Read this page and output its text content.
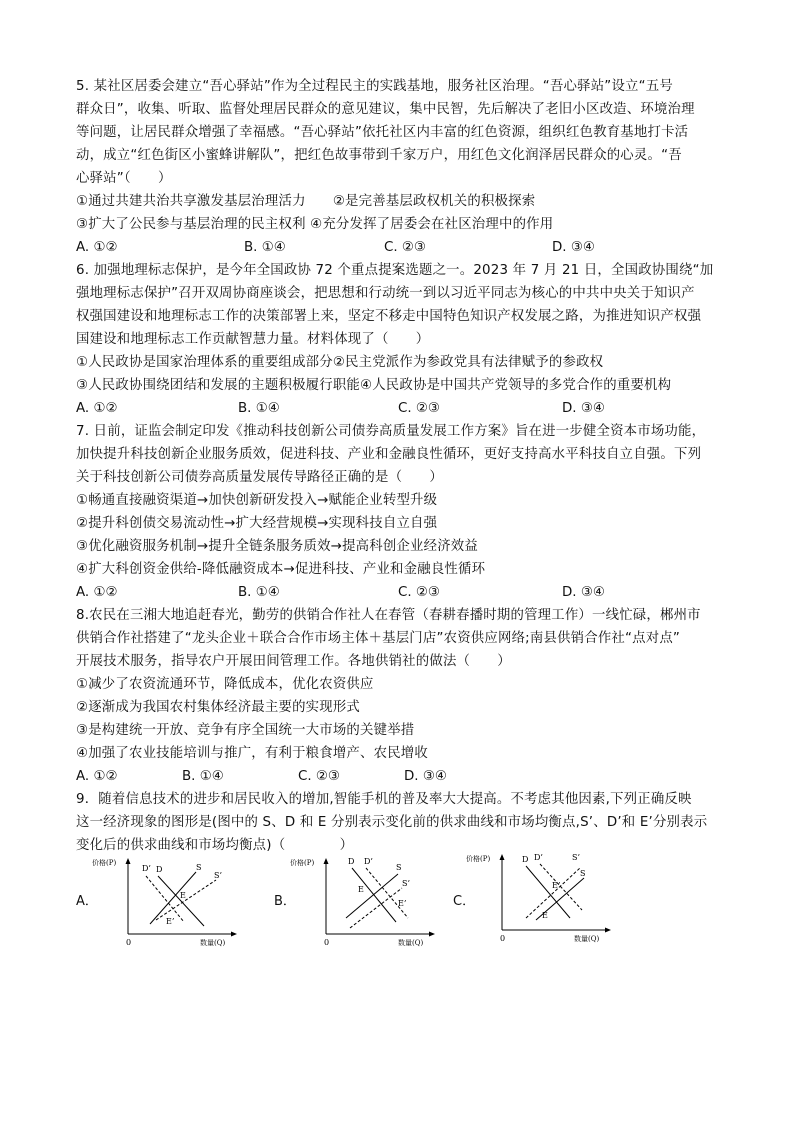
5. 某社区居委会建立“吾心驿站”作为全过程民主的实践基地，服务社区治理。“吾心驿站”设立“五号
群众日”，收集、听取、监督处理居民群众的意见建议，集中民智，先后解决了老旧小区改造、环境治理
等问题，让居民群众增强了幸福感。“吾心驿站”依托社区内丰富的红色资源，组织红色教育基地打卡活
动，成立“红色街区小蜜蜂讲解队”，把红色故事带到千家万户，用红色文化润泽居民群众的心灵。“吾
心驿站”（　　）
①通过共建共治共享激发基层治理活力　　②是完善基层政权机关的积极探索
③扩大了公民参与基层治理的民主权利 ④充分发挥了居委会在社区治理中的作用
A. ①②	B. ①④	C. ②③	D. ③④
6. 加强地理标志保护，是今年全国政协 72 个重点提案选题之一。2023 年 7 月 21 日，全国政协围绕“加
强地理标志保护”召开双周协商座谈会，把思想和行动统一到以习近平同志为核心的中共中央关于知识产
权强国建设和地理标志工作的决策部署上来，坚定不移走中国特色知识产权发展之路，为推进知识产权强
国建设和地理标志工作贡献智慧力量。材料体现了（　　）
①人民政协是国家治理体系的重要组成部分②民主党派作为参政党具有法律赋予的参政权
③人民政协围绕团结和发展的主题积极履行职能④人民政协是中国共产党领导的多党合作的重要机构
A. ①②	B. ①④	C. ②③	D. ③④
7. 日前，证监会制定印发《推动科技创新公司债券高质量发展工作方案》旨在进一步健全资本市场功能，
加快提升科技创新企业服务质效，促进科技、产业和金融良性循环，更好支持高水平科技自立自强。下列
关于科技创新公司债券高质量发展传导路径正确的是（　　）
①畅通直接融资渠道→加快创新研发投入→赋能企业转型升级
②提升科创债交易流动性→扩大经营规模→实现科技自立自强
③优化融资服务机制→提升全链条服务质效→提高科创企业经济效益
④扩大科创资金供给-降低融资成本→促进科技、产业和金融良性循环
A. ①②	B. ①④	C. ②③	D. ③④
8.农民在三湘大地追赶春光，勤劳的供销合作社人在春管（春耕春播时期的管理工作）一线忙碌，郴州市
供销合作社搭建了“龙头企业＋联合合作市场主体＋基层门店”农资供应网络;南县供销合作社“点对点”
开展技术服务，指导农户开展田间管理工作。各地供销社的做法（　　）
①减少了农资流通环节，降低成本，优化农资供应
②逐渐成为我国农村集体经济最主要的实现形式
③是构建统一开放、竞争有序全国统一大市场的关键举措
④加强了农业技能培训与推广，有利于粮食增产、农民增收
A. ①②	B. ①④	C. ②③	D. ③④
9．随着信息技术的进步和居民收入的增加,智能手机的普及率大大提高。不考虑其他因素,下列正确反映
这一经济现象的图形是(图中的 S、D 和 E 分别表示变化前的供求曲线和市场均衡点,S’、D’和 E’分别表示
变化后的供求曲线和市场均衡点)（　　　　）
A．
价格(P)
0	数量(Q)
D
D’	S
S’
E
E’
B．
价格(P)
0	数量(Q)
D D’
S
S’
E
E’	C．
价格(P)
0	数量(Q)
D D’	S’
S
E’
E
